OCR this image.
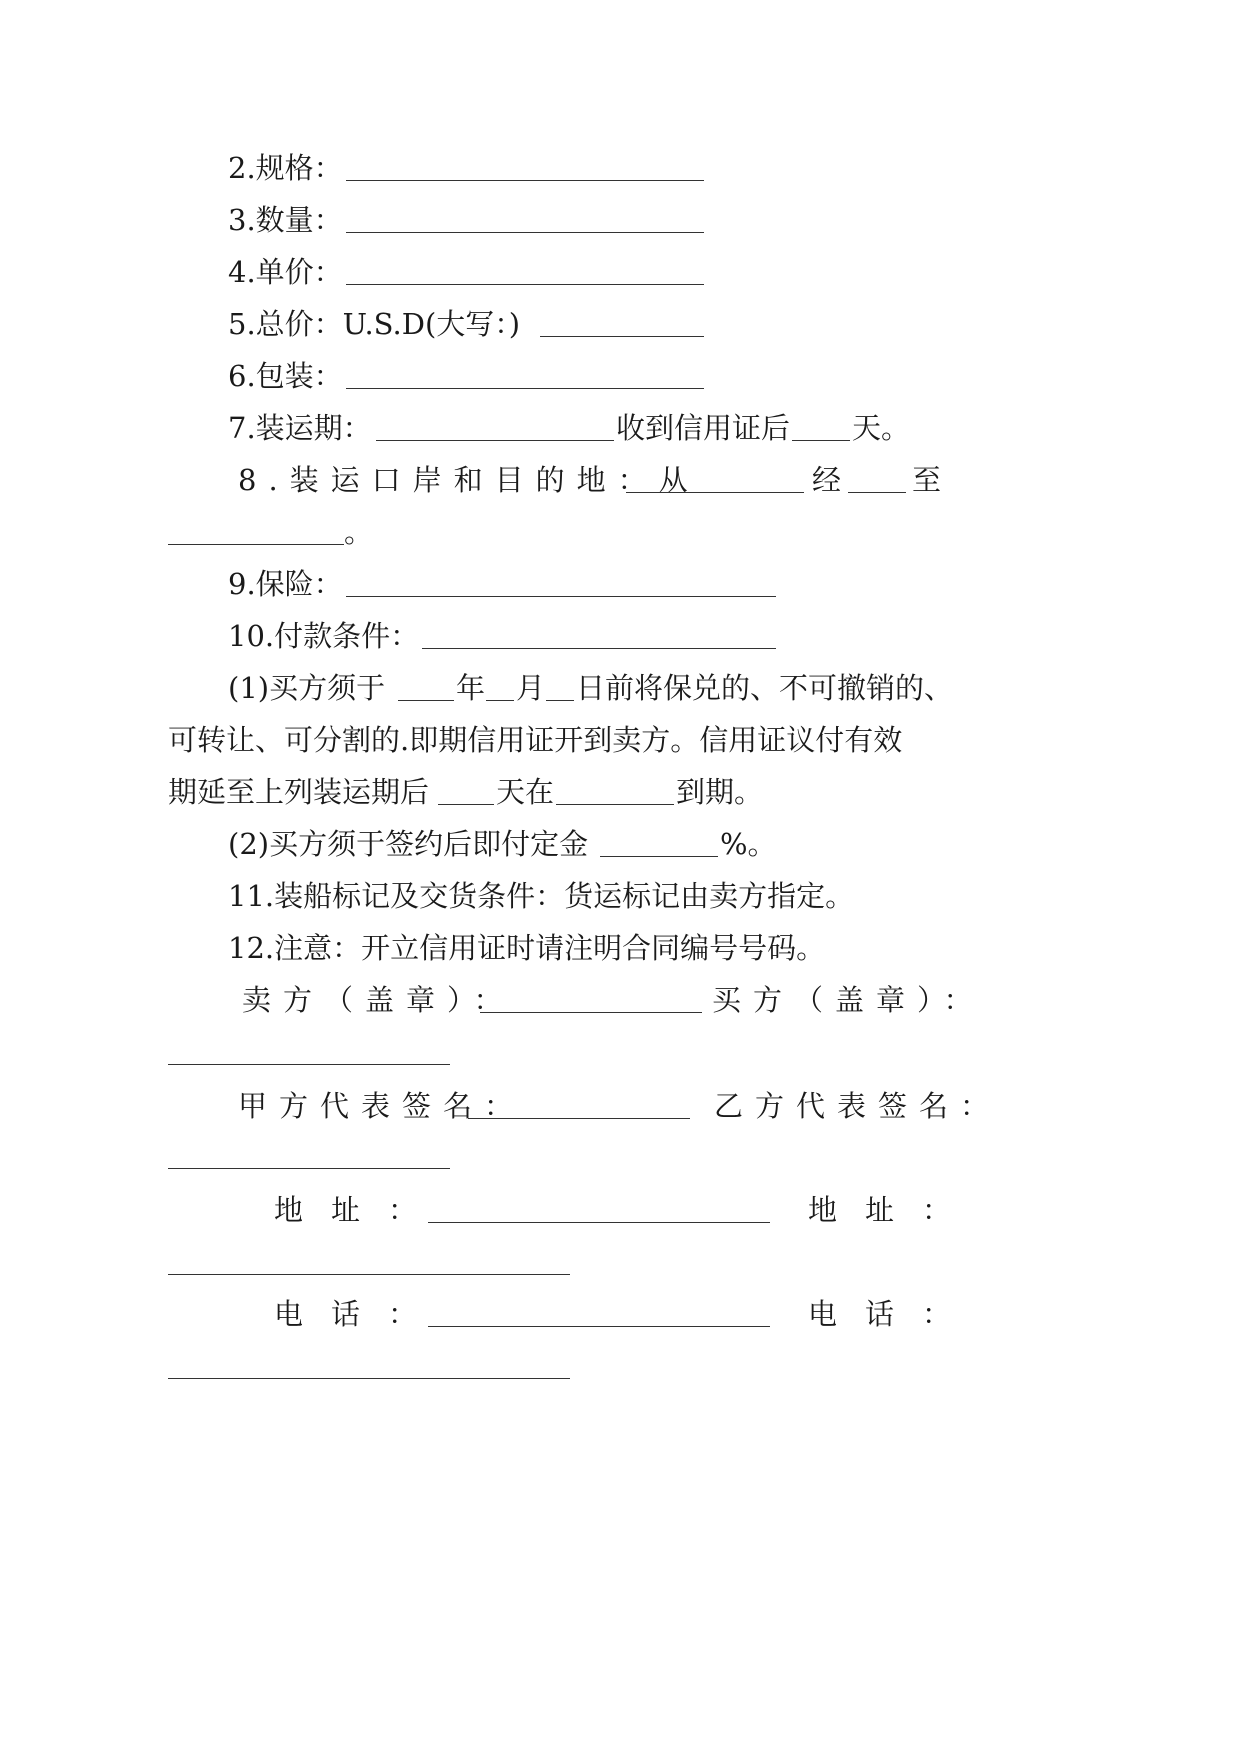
2.规格：
3.数量：
4.单价：
5.总价：U.S.D(大写：)
6.包装：
7.装运期：	收到信用证后 天。
8.装运口岸和目的地：从	经 至
。
9.保险：
10.付款条件：
(1)买方须于 年 月 日前将保兑的、不可撤销的、
可转让、可分割的.即期信用证开到卖方。信用证议付有效
期延至上列装运期后 天在	到期。
(2)买方须于签约后即付定金	%。
11.装船标记及交货条件：货运标记由卖方指定。
12.注意：开立信用证时请注明合同编号号码。
卖方（盖章）：	买方（盖章）：
甲方代表签名：	乙方代表签名：
地址：	地址：
电话：	电话：
